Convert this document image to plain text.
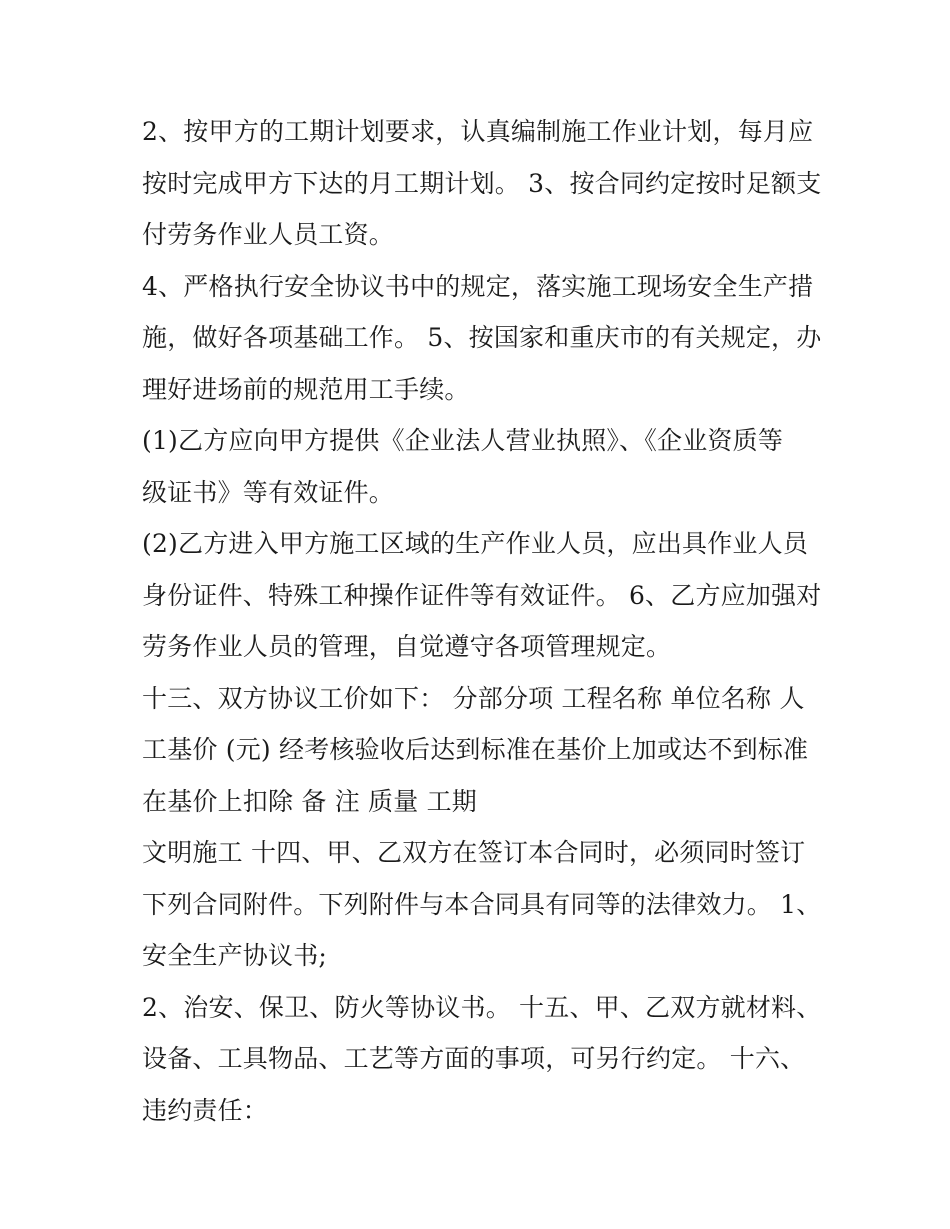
2、按甲方的工期计划要求，认真编制施工作业计划，每月应
按时完成甲方下达的月工期计划。 3、按合同约定按时足额支
付劳务作业人员工资。
4、严格执行安全协议书中的规定，落实施工现场安全生产措
施，做好各项基础工作。 5、按国家和重庆市的有关规定，办
理好进场前的规范用工手续。
(1)乙方应向甲方提供《企业法人营业执照》、《企业资质等
级证书》等有效证件。
(2)乙方进入甲方施工区域的生产作业人员，应出具作业人员
身份证件、特殊工种操作证件等有效证件。 6、乙方应加强对
劳务作业人员的管理，自觉遵守各项管理规定。
十三、双方协议工价如下： 分部分项 工程名称 单位名称 人
工基价 (元) 经考核验收后达到标准在基价上加或达不到标准
在基价上扣除 备 注 质量 工期
文明施工 十四、甲、乙双方在签订本合同时，必须同时签订
下列合同附件。下列附件与本合同具有同等的法律效力。 1、
安全生产协议书;
2、治安、保卫、防火等协议书。 十五、甲、乙双方就材料、
设备、工具物品、工艺等方面的事项，可另行约定。 十六、
违约责任：
